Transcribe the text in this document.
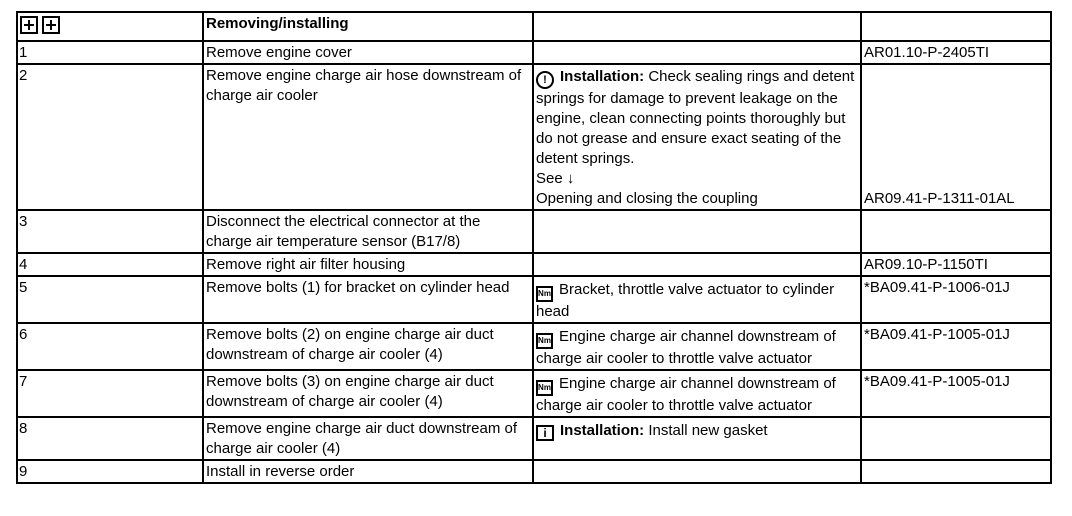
	Removing/installing		
1	Remove engine cover		AR01.10-P-2405TI
2	Remove engine charge air hose downstream of charge air cooler	! Installation: Check sealing rings and detent springs for damage to prevent leakage on the engine, clean connecting points thoroughly but do not grease and ensure exact seating of the detent springs.
See ↓
Opening and closing the coupling	AR09.41-P-1311-01AL
3	Disconnect the electrical connector at the charge air temperature sensor (B17/8)		
4	Remove right air filter housing		AR09.10-P-1150TI
5	Remove bolts (1) for bracket on cylinder head	Nm Bracket, throttle valve actuator to cylinder head	*BA09.41-P-1006-01J
6	Remove bolts (2) on engine charge air duct downstream of charge air cooler (4)	Nm Engine charge air channel downstream of charge air cooler to throttle valve actuator	*BA09.41-P-1005-01J
7	Remove bolts (3) on engine charge air duct downstream of charge air cooler (4)	Nm Engine charge air channel downstream of charge air cooler to throttle valve actuator	*BA09.41-P-1005-01J
8	Remove engine charge air duct downstream of charge air cooler (4)	i Installation: Install new gasket	
9	Install in reverse order		
